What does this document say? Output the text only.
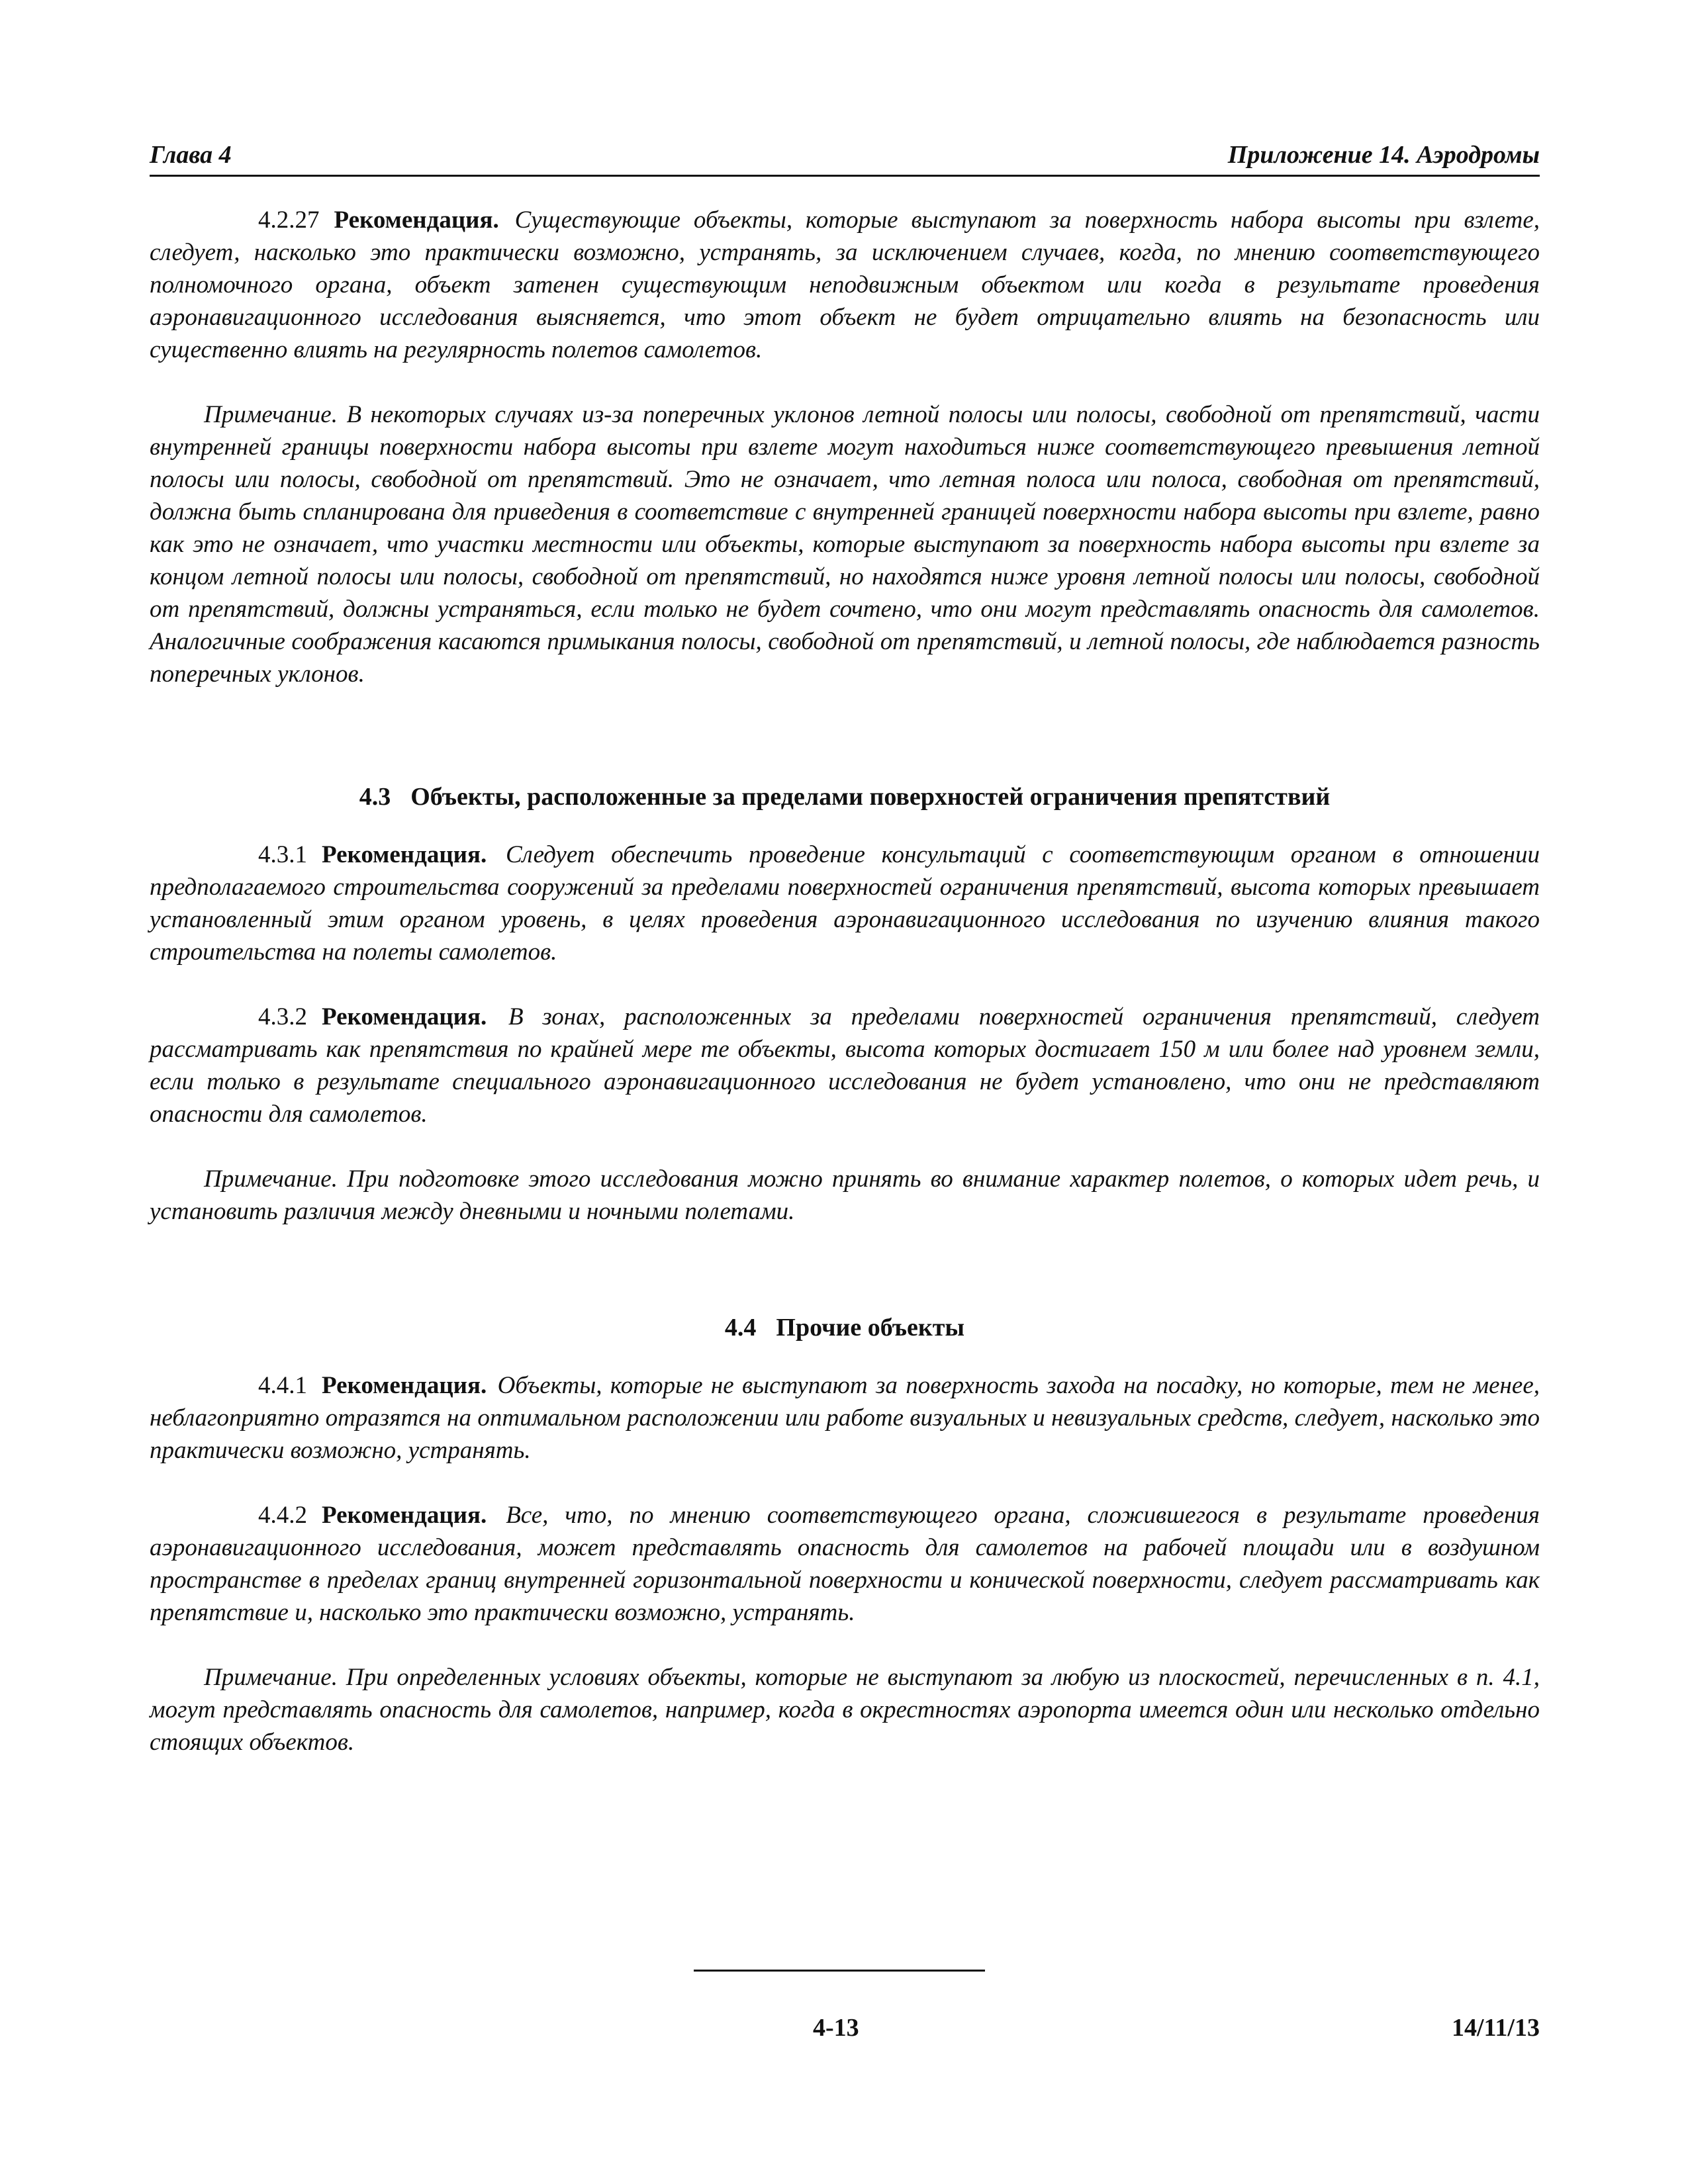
Глава 4	Приложение 14. Аэродромы

4.2.27 Рекомендация. Существующие объекты, которые выступают за поверхность набора высоты при взлете, следует, насколько это практически возможно, устранять, за исключением случаев, когда, по мнению соответствующего полномочного органа, объект затенен существующим неподвижным объектом или когда в результате проведения аэронавигационного исследования выясняется, что этот объект не будет отрицательно влиять на безопасность или существенно влиять на регулярность полетов самолетов.

Примечание. В некоторых случаях из-за поперечных уклонов летной полосы или полосы, свободной от препятствий, части внутренней границы поверхности набора высоты при взлете могут находиться ниже соответствующего превышения летной полосы или полосы, свободной от препятствий. Это не означает, что летная полоса или полоса, свободная от препятствий, должна быть спланирована для приведения в соответствие с внутренней границей поверхности набора высоты при взлете, равно как это не означает, что участки местности или объекты, которые выступают за поверхность набора высоты при взлете за концом летной полосы или полосы, свободной от препятствий, но находятся ниже уровня летной полосы или полосы, свободной от препятствий, должны устраняться, если только не будет сочтено, что они могут представлять опасность для самолетов. Аналогичные соображения касаются примыкания полосы, свободной от препятствий, и летной полосы, где наблюдается разность поперечных уклонов.

4.3 Объекты, расположенные за пределами поверхностей ограничения препятствий

4.3.1 Рекомендация. Следует обеспечить проведение консультаций с соответствующим органом в отношении предполагаемого строительства сооружений за пределами поверхностей ограничения препятствий, высота которых превышает установленный этим органом уровень, в целях проведения аэронавигационного исследования по изучению влияния такого строительства на полеты самолетов.

4.3.2 Рекомендация. В зонах, расположенных за пределами поверхностей ограничения препятствий, следует рассматривать как препятствия по крайней мере те объекты, высота которых достигает 150 м или более над уровнем земли, если только в результате специального аэронавигационного исследования не будет установлено, что они не представляют опасности для самолетов.

Примечание. При подготовке этого исследования можно принять во внимание характер полетов, о которых идет речь, и установить различия между дневными и ночными полетами.

4.4 Прочие объекты

4.4.1 Рекомендация. Объекты, которые не выступают за поверхность захода на посадку, но которые, тем не менее, неблагоприятно отразятся на оптимальном расположении или работе визуальных и невизуальных средств, следует, насколько это практически возможно, устранять.

4.4.2 Рекомендация. Все, что, по мнению соответствующего органа, сложившегося в результате проведения аэронавигационного исследования, может представлять опасность для самолетов на рабочей площади или в воздушном пространстве в пределах границ внутренней горизонтальной поверхности и конической поверхности, следует рассматривать как препятствие и, насколько это практически возможно, устранять.

Примечание. При определенных условиях объекты, которые не выступают за любую из плоскостей, перечисленных в п. 4.1, могут представлять опасность для самолетов, например, когда в окрестностях аэропорта имеется один или несколько отдельно стоящих объектов.

4-13	14/11/13
